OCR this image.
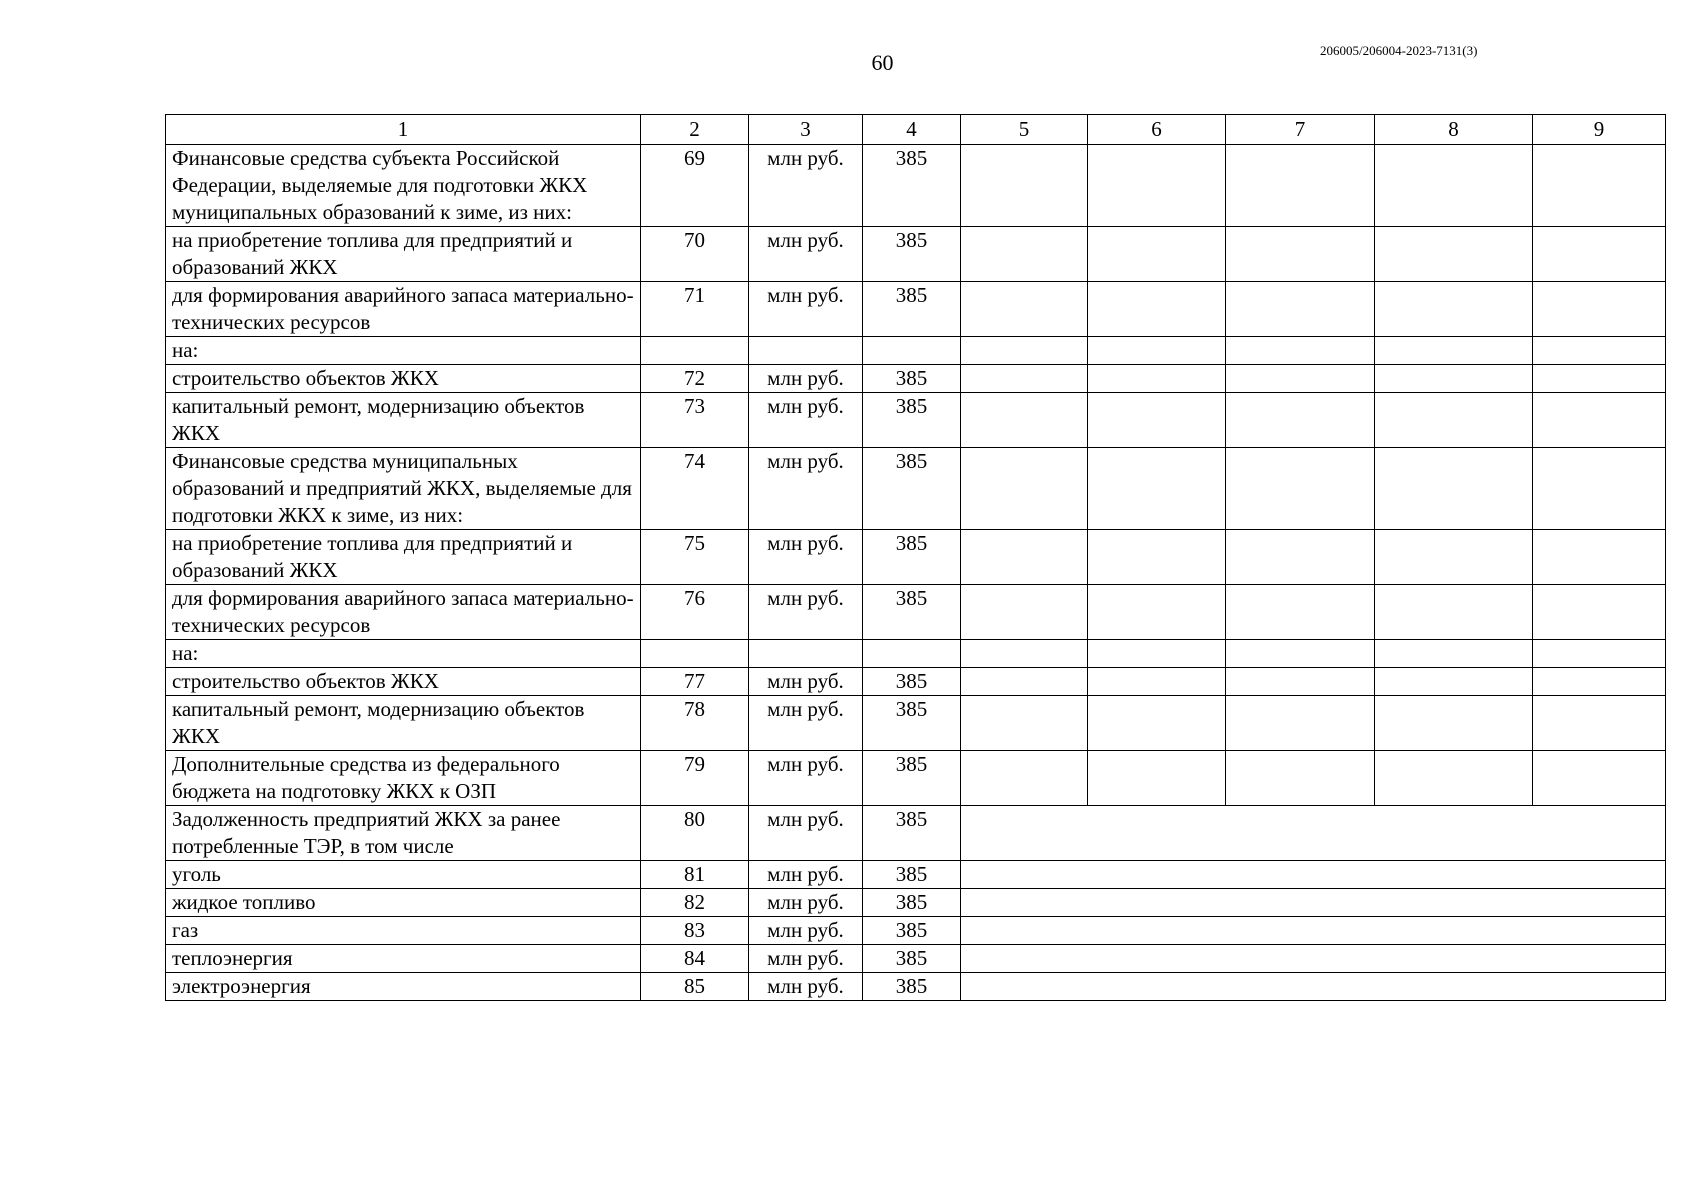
60	206005/206004-2023-7131(3)
1	2	3	4	5	6	7	8	9
Финансовые средства субъекта Российской Федерации, выделяемые для подготовки ЖКХ муниципальных образований к зиме, из них:	69	млн руб.	385					
на приобретение топлива для предприятий и образований ЖКХ	70	млн руб.	385					
для формирования аварийного запаса материально-технических ресурсов	71	млн руб.	385					
на:								
строительство объектов ЖКХ	72	млн руб.	385					
капитальный ремонт, модернизацию объектов ЖКХ	73	млн руб.	385					
Финансовые средства муниципальных образований и предприятий ЖКХ, выделяемые для подготовки ЖКХ к зиме, из них:	74	млн руб.	385					
на приобретение топлива для предприятий и образований ЖКХ	75	млн руб.	385					
для формирования аварийного запаса материально-технических ресурсов	76	млн руб.	385					
на:								
строительство объектов ЖКХ	77	млн руб.	385					
капитальный ремонт, модернизацию объектов ЖКХ	78	млн руб.	385					
Дополнительные средства из федерального бюджета на подготовку ЖКХ к ОЗП	79	млн руб.	385					
Задолженность предприятий ЖКХ за ранее потребленные ТЭР, в том числе	80	млн руб.	385					
уголь	81	млн руб.	385					
жидкое топливо	82	млн руб.	385					
газ	83	млн руб.	385					
теплоэнергия	84	млн руб.	385					
электроэнергия	85	млн руб.	385					
